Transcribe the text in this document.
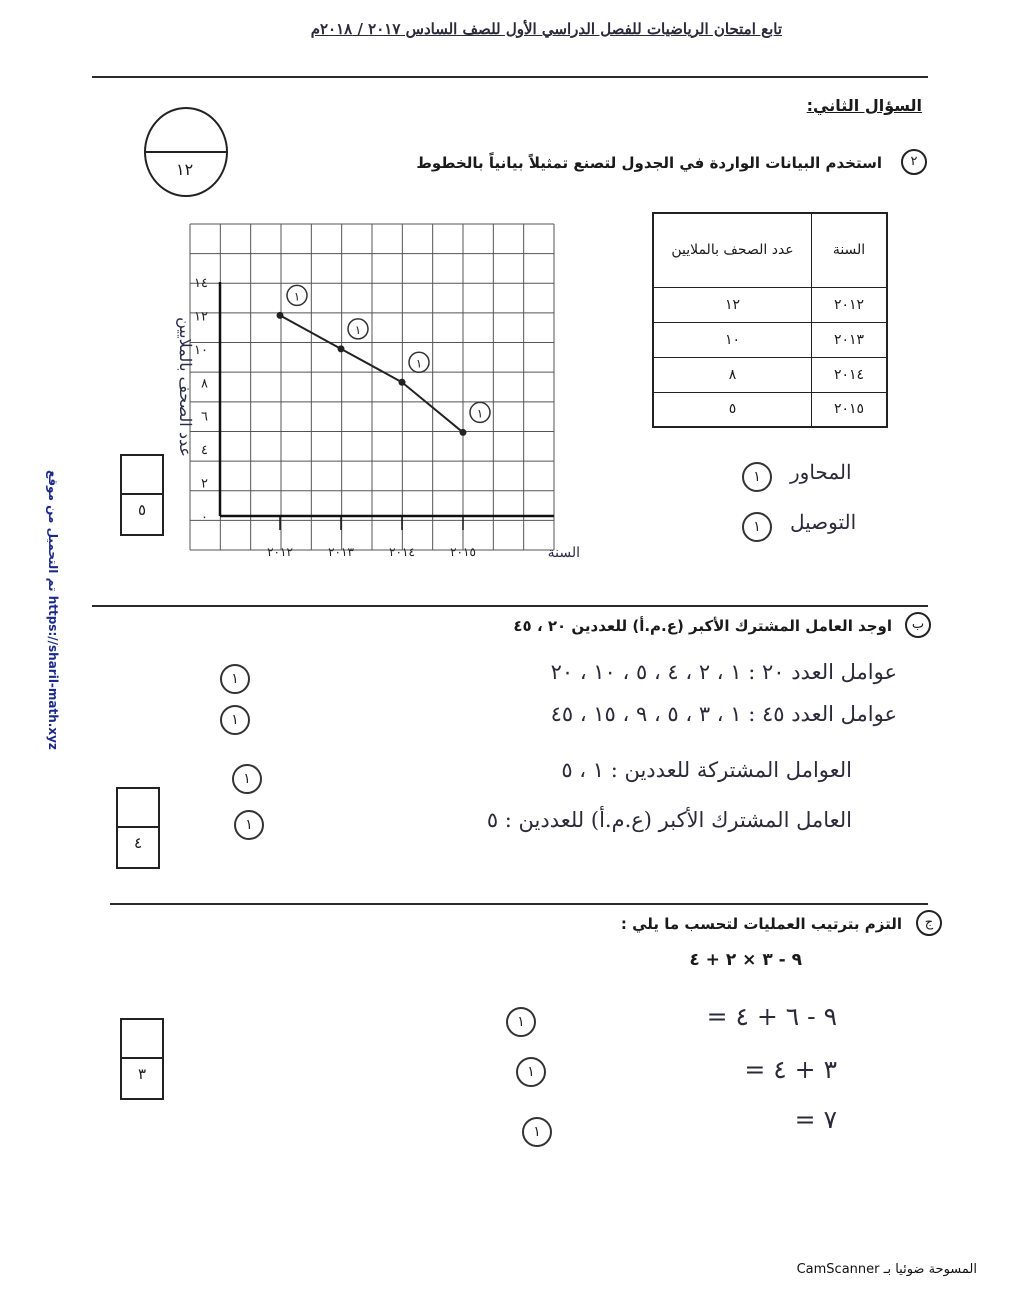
تابع امتحان الرياضيات للفصل الدراسي الأول للصف السادس ٢٠١٧ / ٢٠١٨م
تم التحميل من موقع https://sharil-math.xyz
السؤال الثاني:
١٢	٢
استخدم البيانات الواردة في الجدول لتصنع تمثيلاً بيانياً بالخطوط
السنة	عدد الصحف بالملايين
٢٠١٢	١٢
٢٠١٣	١٠
٢٠١٤	٨
٢٠١٥	٥
١	المحاور
١	التوصيل
٥	٠
٢
٤
٦
٨
١٠
١٢
١٤
٢٠١٢	٢٠١٣	٢٠١٤	٢٠١٥
١
١
١
١
عدد الصحف بالملايين
السنة
ب
اوجد العامل المشترك الأكبر (ع.م.أ) للعددين ٢٠ ، ٤٥
١	عوامل العدد ٢٠ : ١ ، ٢ ، ٤ ، ٥ ، ١٠ ، ٢٠
١	عوامل العدد ٤٥ : ١ ، ٣ ، ٥ ، ٩ ، ١٥ ، ٤٥
١	العوامل المشتركة للعددين : ١ ، ٥
١	العامل المشترك الأكبر (ع.م.أ) للعددين : ٥
٤
ج
التزم بترتيب العمليات لتحسب ما يلي :
٩ - ٣ × ٢ + ٤
١	= ٩ - ٦ + ٤
١	= ٣ + ٤
١	= ٧
٣
المسوحة ضوئيا بـ CamScanner
